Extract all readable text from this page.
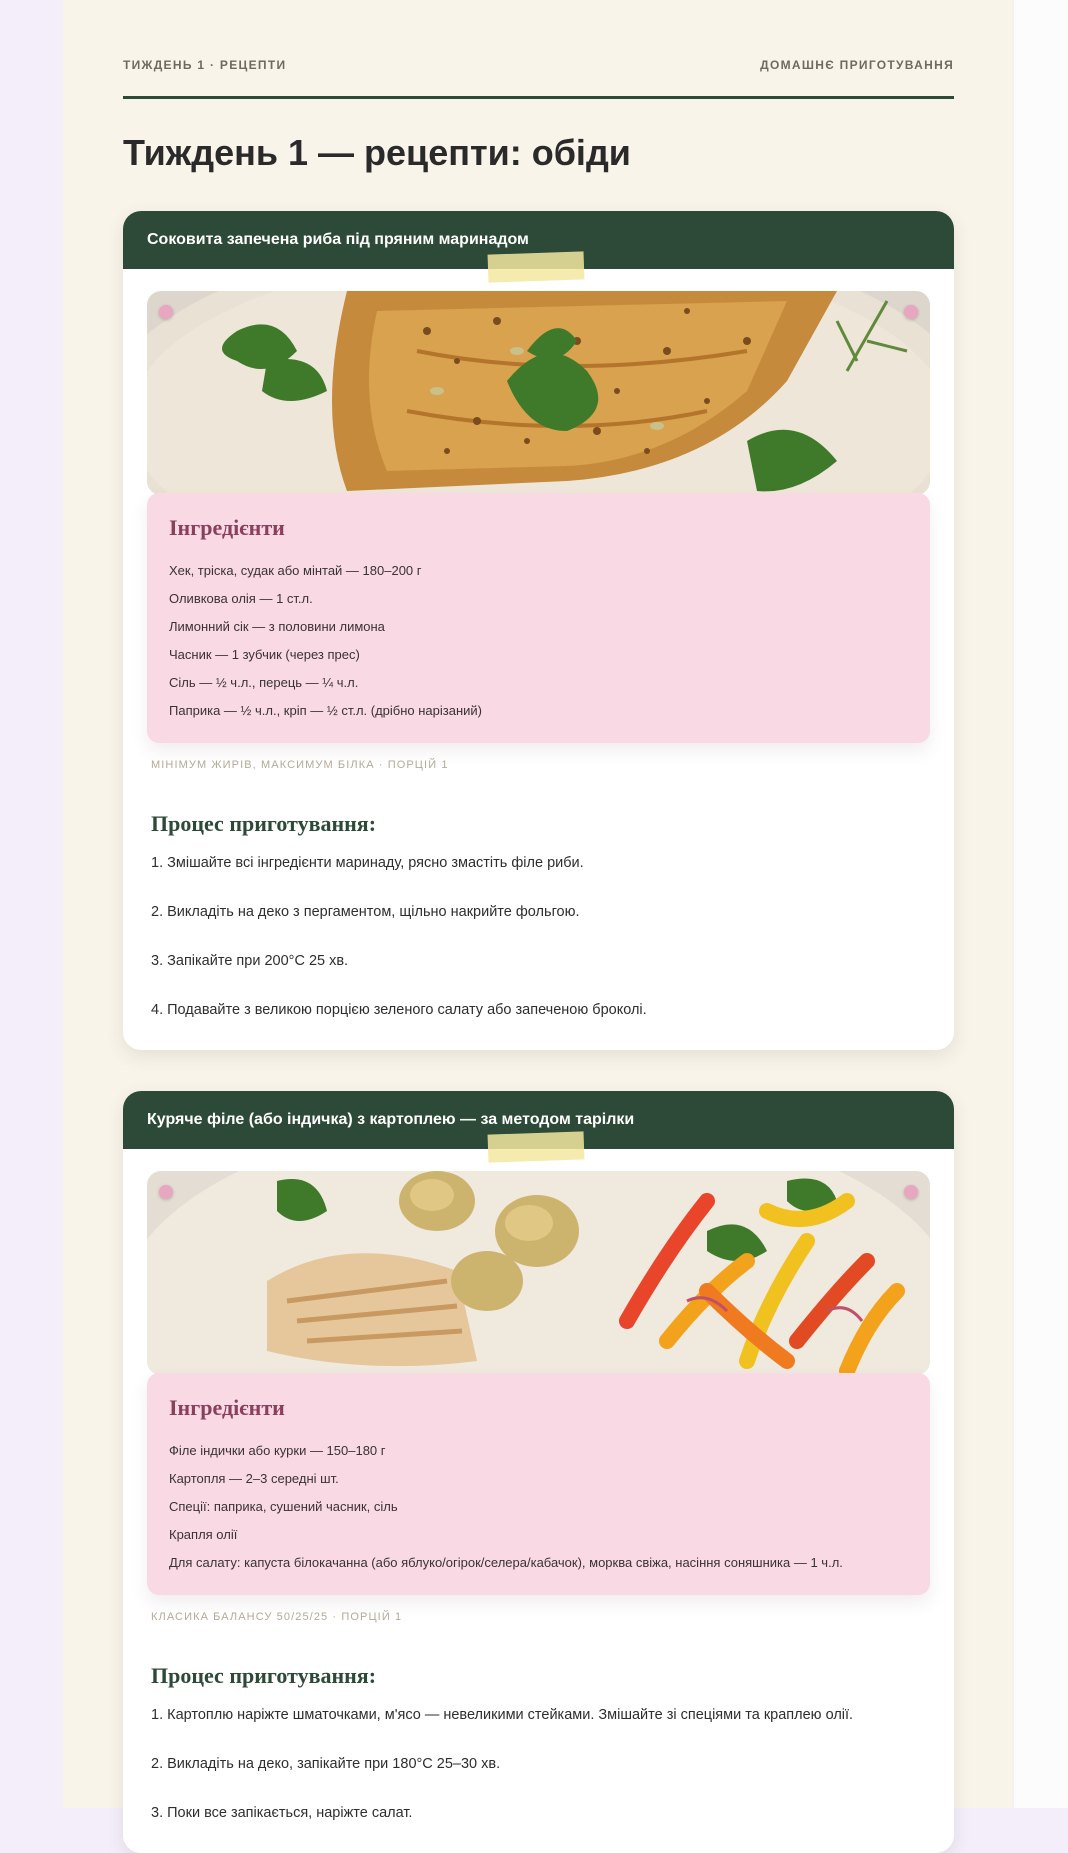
ТИЖДЕНЬ 1 · РЕЦЕПТИ	ДОМАШНЄ ПРИГОТУВАННЯ
Тиждень 1 — рецепти: обіди
Соковита запечена риба під пряним маринадом
Інгредієнти
Хек, тріска, судак або мінтай — 180–200 г
Оливкова олія — 1 ст.л.
Лимонний сік — з половини лимона
Часник — 1 зубчик (через прес)
Сіль — ½ ч.л., перець — ¼ ч.л.
Паприка — ½ ч.л., кріп — ½ ст.л. (дрібно нарізаний)
МІНІМУМ ЖИРІВ, МАКСИМУМ БІЛКА · ПОРЦІЙ 1
Процес приготування:
1. Змішайте всі інгредієнти маринаду, рясно змастіть філе риби.
2. Викладіть на деко з пергаментом, щільно накрийте фольгою.
3. Запікайте при 200°C 25 хв.
4. Подавайте з великою порцією зеленого салату або запеченою броколі.
Куряче філе (або індичка) з картоплею — за методом тарілки
Інгредієнти
Філе індички або курки — 150–180 г
Картопля — 2–3 середні шт.
Спеції: паприка, сушений часник, сіль
Крапля олії
Для салату: капуста білокачанна (або яблуко/огірок/селера/кабачок), морква свіжа, насіння соняшника — 1 ч.л.
КЛАСИКА БАЛАНСУ 50/25/25 · ПОРЦІЙ 1
Процес приготування:
1. Картоплю наріжте шматочками, м'ясо — невеликими стейками. Змішайте зі спеціями та краплею олії.
2. Викладіть на деко, запікайте при 180°C 25–30 хв.
3. Поки все запікається, наріжте салат.
